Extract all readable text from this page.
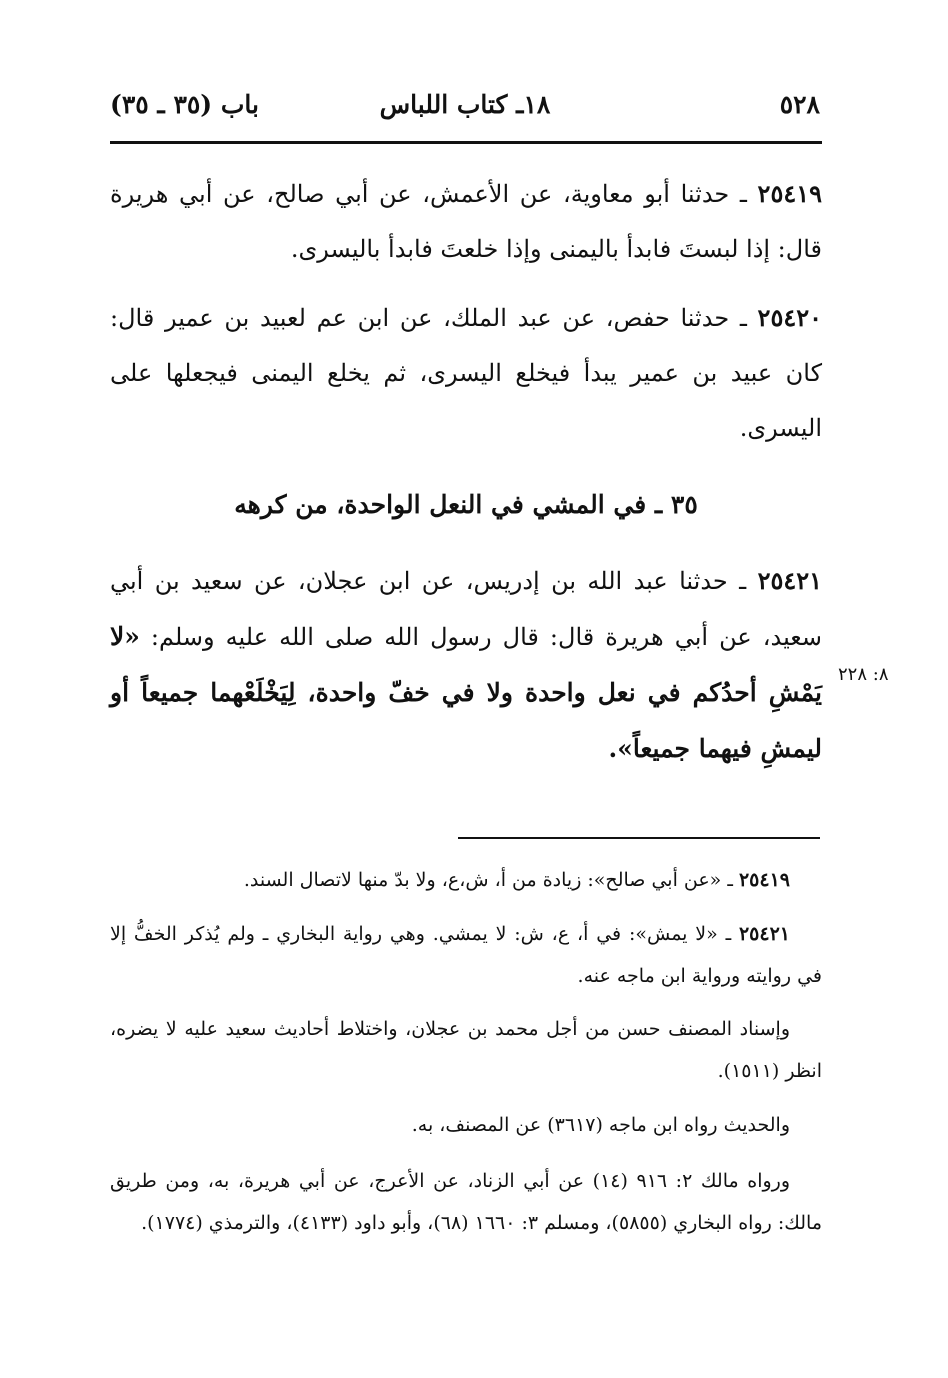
٥٢٨
١٨ـ كتاب اللباس
باب (٣٥ ـ ٣٥)

٢٥٤١٩ ـ حدثنا أبو معاوية، عن الأعمش، عن أبي صالح، عن أبي هريرة قال: إذا لبستَ فابدأ باليمنى وإذا خلعتَ فابدأ باليسرى.

٢٥٤٢٠ ـ حدثنا حفص، عن عبد الملك، عن ابن عم لعبيد بن عمير قال: كان عبيد بن عمير يبدأ فيخلع اليسرى، ثم يخلع اليمنى فيجعلها على اليسرى.

٣٥ ـ في المشي في النعل الواحدة، من كرهه

٢٥٤٢١ ـ حدثنا عبد الله بن إدريس، عن ابن عجلان، عن سعيد بن أبي سعيد، عن أبي هريرة قال: قال رسول الله صلى الله عليه وسلم: «لا يَمْشِ أحدُكم في نعل واحدة ولا في خفّ واحدة، لِيَخْلَعْهما جميعاً أو ليمشِ فيهما جميعاً».

٨: ٢٢٨

٢٥٤١٩ ـ «عن أبي صالح»: زيادة من أ، ش،ع، ولا بدّ منها لاتصال السند.

٢٥٤٢١ ـ «لا يمش»: في أ، ع، ش: لا يمشي. وهي رواية البخاري ـ ولم يُذكر الخفُّ إلا في روايته ورواية ابن ماجه عنه.

وإسناد المصنف حسن من أجل محمد بن عجلان، واختلاط أحاديث سعيد عليه لا يضره، انظر (١٥١١).

والحديث رواه ابن ماجه (٣٦١٧) عن المصنف، به.

ورواه مالك ٢: ٩١٦ (١٤) عن أبي الزناد، عن الأعرج، عن أبي هريرة، به، ومن طريق مالك: رواه البخاري (٥٨٥٥)، ومسلم ٣: ١٦٦٠ (٦٨)، وأبو داود (٤١٣٣)، والترمذي (١٧٧٤).
